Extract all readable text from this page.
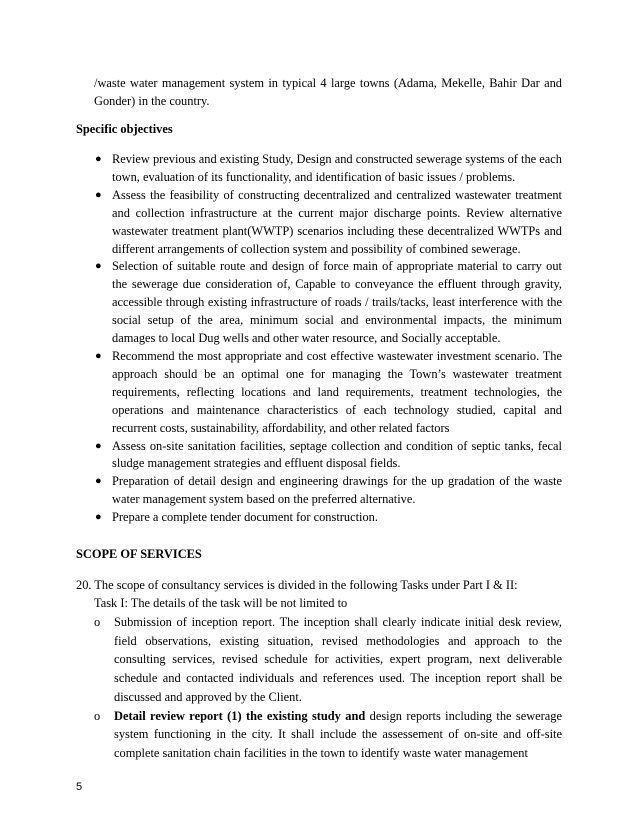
/waste water management system in typical 4 large towns (Adama, Mekelle, Bahir Dar and Gonder) in the country.

Specific objectives

● Review previous and existing Study, Design and constructed sewerage systems of the each town, evaluation of its functionality, and identification of basic issues / problems.
● Assess the feasibility of constructing decentralized and centralized wastewater treatment and collection infrastructure at the current major discharge points. Review alternative wastewater treatment plant(WWTP) scenarios including these decentralized WWTPs and different arrangements of collection system and possibility of combined sewerage.
● Selection of suitable route and design of force main of appropriate material to carry out the sewerage due consideration of, Capable to conveyance the effluent through gravity, accessible through existing infrastructure of roads / trails/tacks, least interference with the social setup of the area, minimum social and environmental impacts, the minimum damages to local Dug wells and other water resource, and Socially acceptable.
● Recommend the most appropriate and cost effective wastewater investment scenario. The approach should be an optimal one for managing the Town’s wastewater treatment requirements, reflecting locations and land requirements, treatment technologies, the operations and maintenance characteristics of each technology studied, capital and recurrent costs, sustainability, affordability, and other related factors
● Assess on-site sanitation facilities, septage collection and condition of septic tanks, fecal sludge management strategies and effluent disposal fields.
● Preparation of detail design and engineering drawings for the up gradation of the waste water management system based on the preferred alternative.
● Prepare a complete tender document for construction.

SCOPE OF SERVICES

20. The scope of consultancy services is divided in the following Tasks under Part I & II:

Task I: The details of the task will be not limited to

o Submission of inception report. The inception shall clearly indicate initial desk review, field observations, existing situation, revised methodologies and approach to the consulting services, revised schedule for activities, expert program, next deliverable schedule and contacted individuals and references used. The inception report shall be discussed and approved by the Client.
o Detail review report (1) the existing study and design reports including the sewerage system functioning in the city. It shall include the assessement of on-site and off-site complete sanitation chain facilities in the town to identify waste water management

5
